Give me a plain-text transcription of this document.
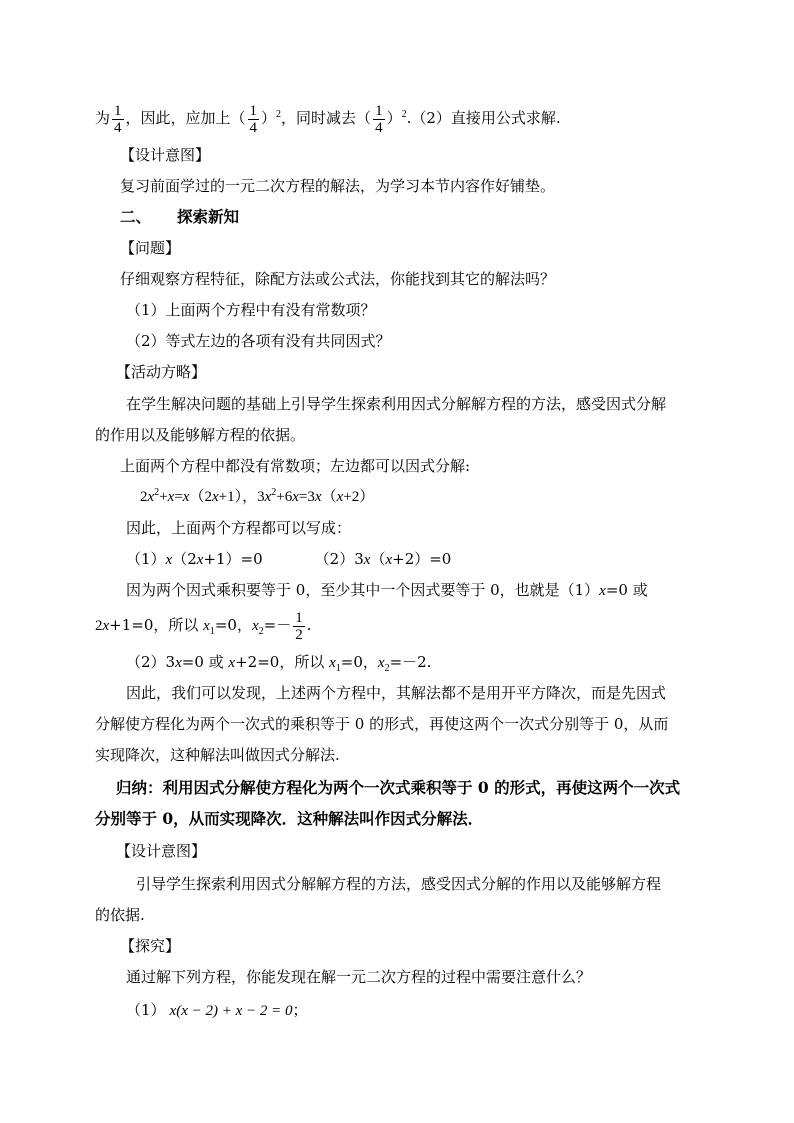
为 $\frac{1}{4}$ ，因此，应加上（ $\frac{1}{4} )^2$，同时减去（ $\frac{1}{4} )^2.(2)$直接用公式求解.
【设计意图】
复习前面学过的一元二次方程的解法，为学习本节内容作好铺垫。
二、 探索新知
【问题】
仔细观察方程特征，除配方法或公式法，你能找到其它的解法吗？
（1）上面两个方程中有没有常数项？
（2）等式左边的各项有没有共同因式？
【活动方略】
在学生解决问题的基础上引导学生探索利用因式分解解方程的方法，感受因式分解
的作用以及能够解方程的依据。
上面两个方程中都没有常数项；左边都可以因式分解:
$2x^2+x=x(2x+1)$，$3x^2+6x=3x(x+2)$
因此，上面两个方程都可以写成：
（1）x（2x+1）=0	（2）3x（x+2）=0
因为两个因式乘积要等于 0，至少其中一个因式要等于 0，也就是（1）x=0 或
2x+1=0，所以 $x_1=0$，$x_2=- \frac{1}{2}$ .
（2）3x=0 或 x+2=0，所以 $x_1=0$，$x_2=-2$.
因此，我们可以发现，上述两个方程中，其解法都不是用开平方降次，而是先因式
分解使方程化为两个一次式的乘积等于 0 的形式，再使这两个一次式分别等于 0，从而
实现降次，这种解法叫做因式分解法.
归纳：利用因式分解使方程化为两个一次式乘积等于 0 的形式，再使这两个一次式
分别等于 0，从而实现降次．这种解法叫作因式分解法．
【设计意图】
引导学生探索利用因式分解解方程的方法，感受因式分解的作用以及能够解方程
的依据.
【探究】
通过解下列方程，你能发现在解一元二次方程的过程中需要注意什么？
（1） x(x − 2) + x − 2 = 0；
